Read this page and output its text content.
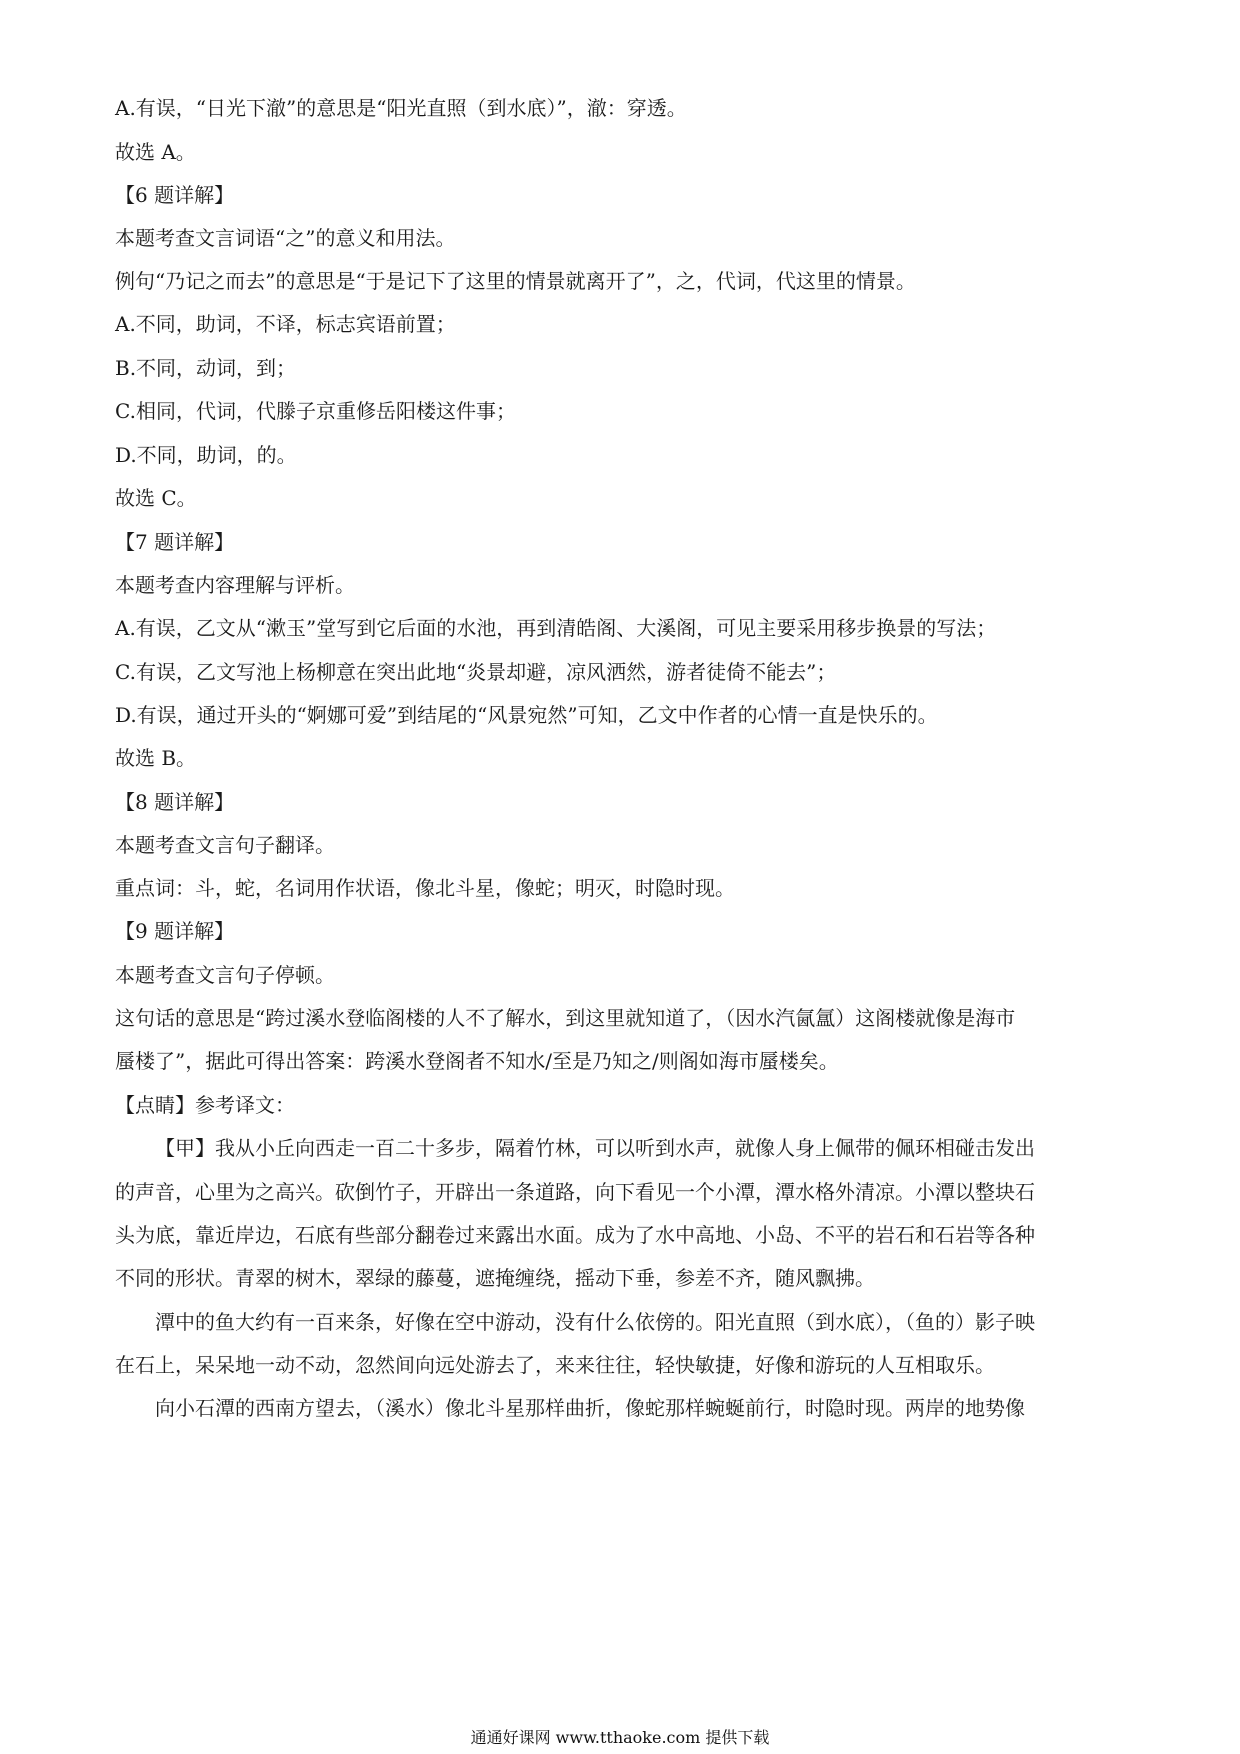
A.有误，“日光下澈”的意思是“阳光直照（到水底）”，澈：穿透。
故选 A。
【6 题详解】
本题考查文言词语“之”的意义和用法。
例句“乃记之而去”的意思是“于是记下了这里的情景就离开了”，之，代词，代这里的情景。
A.不同，助词，不译，标志宾语前置；
B.不同，动词，到；
C.相同，代词，代滕子京重修岳阳楼这件事；
D.不同，助词，的。
故选 C。
【7 题详解】
本题考查内容理解与评析。
A.有误，乙文从“漱玉”堂写到它后面的水池，再到清皓阁、大溪阁，可见主要采用移步换景的写法；
C.有误，乙文写池上杨柳意在突出此地“炎景却避，凉风洒然，游者徒倚不能去”；
D.有误，通过开头的“婀娜可爱”到结尾的“风景宛然”可知，乙文中作者的心情一直是快乐的。
故选 B。
【8 题详解】
本题考查文言句子翻译。
重点词：斗，蛇，名词用作状语，像北斗星，像蛇；明灭，时隐时现。
【9 题详解】
本题考查文言句子停顿。
这句话的意思是“跨过溪水登临阁楼的人不了解水，到这里就知道了，（因水汽氤氲）这阁楼就像是海市
蜃楼了”，据此可得出答案：跨溪水登阁者不知水/至是乃知之/则阁如海市蜃楼矣。
【点睛】参考译文：
【甲】我从小丘向西走一百二十多步，隔着竹林，可以听到水声，就像人身上佩带的佩环相碰击发出
的声音，心里为之高兴。砍倒竹子，开辟出一条道路，向下看见一个小潭，潭水格外清凉。小潭以整块石
头为底，靠近岸边，石底有些部分翻卷过来露出水面。成为了水中高地、小岛、不平的岩石和石岩等各种
不同的形状。青翠的树木，翠绿的藤蔓，遮掩缠绕，摇动下垂，参差不齐，随风飘拂。
潭中的鱼大约有一百来条，好像在空中游动，没有什么依傍的。阳光直照（到水底），（鱼的）影子映
在石上，呆呆地一动不动，忽然间向远处游去了，来来往往，轻快敏捷，好像和游玩的人互相取乐。
向小石潭的西南方望去，（溪水）像北斗星那样曲折，像蛇那样蜿蜒前行，时隐时现。两岸的地势像
通通好课网 www.tthaoke.com 提供下载
